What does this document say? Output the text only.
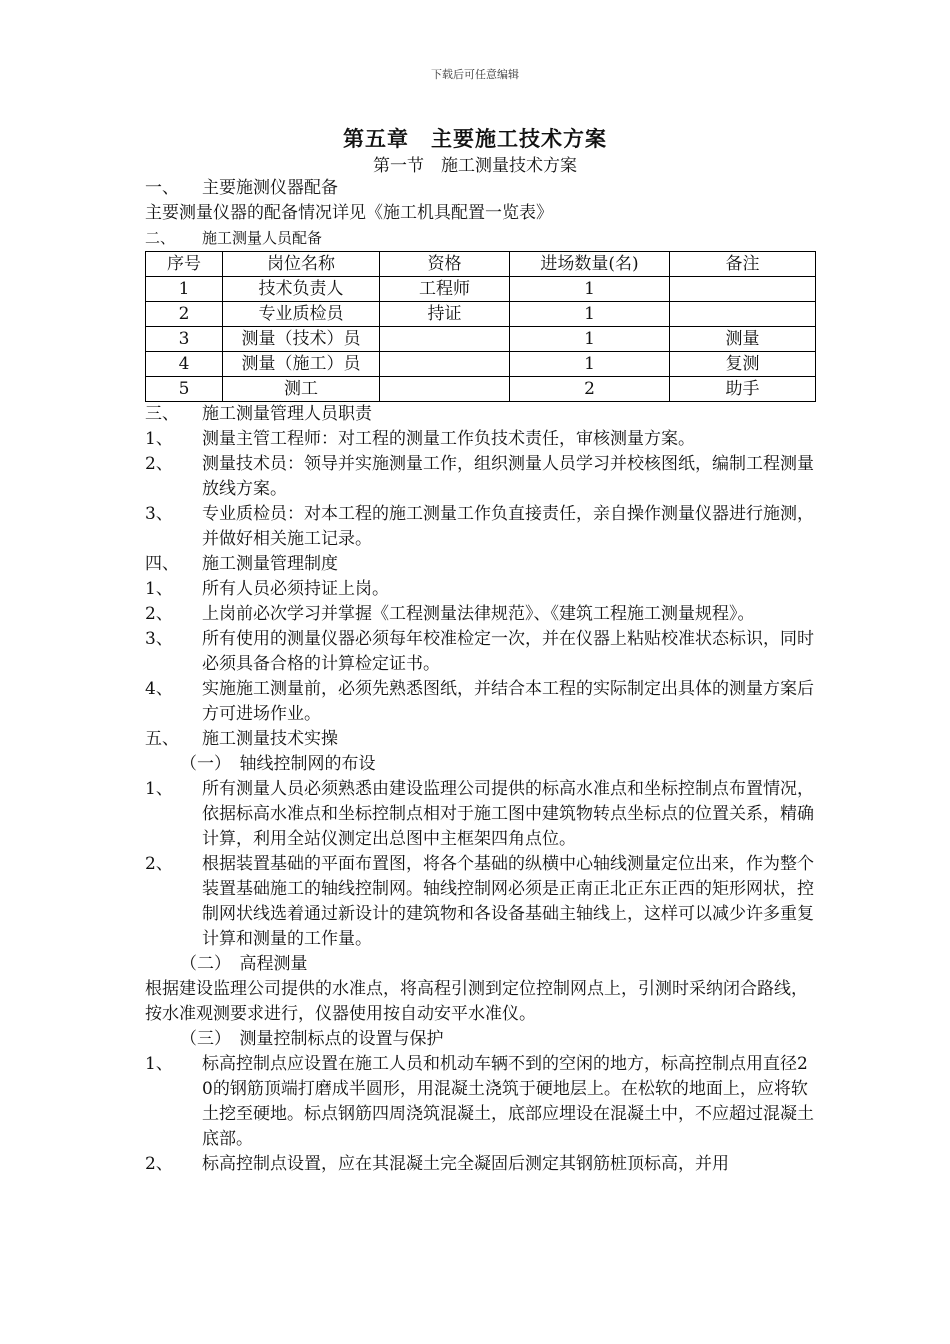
下载后可任意编辑
第五章　主要施工技术方案
第一节　施工测量技术方案
一、	主要施测仪器配备
主要测量仪器的配备情况详见《施工机具配置一览表》
二、	施工测量人员配备
序号	岗位名称	资格	进场数量(名)	备注
1	技术负责人	工程师	1	
2	专业质检员	持证	1	
3	测量（技术）员		1	测量
4	测量（施工）员		1	复测
5	测工		2	助手
三、	施工测量管理人员职责
1、	测量主管工程师：对工程的测量工作负技术责任，审核测量方案。
2、	测量技术员：领导并实施测量工作，组织测量人员学习并校核图纸，编制工程测量放线方案。
3、	专业质检员：对本工程的施工测量工作负直接责任，亲自操作测量仪器进行施测，并做好相关施工记录。
四、	施工测量管理制度
1、	所有人员必须持证上岗。
2、	上岗前必次学习并掌握《工程测量法律规范》、《建筑工程施工测量规程》。
3、	所有使用的测量仪器必须每年校准检定一次，并在仪器上粘贴校准状态标识，同时必须具备合格的计算检定证书。
4、	实施施工测量前，必须先熟悉图纸，并结合本工程的实际制定出具体的测量方案后方可进场作业。
五、	施工测量技术实操
（一）　轴线控制网的布设
1、	所有测量人员必须熟悉由建设监理公司提供的标高水准点和坐标控制点布置情况，依据标高水准点和坐标控制点相对于施工图中建筑物转点坐标点的位置关系，精确计算，利用全站仪测定出总图中主框架四角点位。
2、	根据装置基础的平面布置图，将各个基础的纵横中心轴线测量定位出来，作为整个装置基础施工的轴线控制网。轴线控制网必须是正南正北正东正西的矩形网状，控制网状线选着通过新设计的建筑物和各设备基础主轴线上，这样可以减少许多重复计算和测量的工作量。
（二）　高程测量
根据建设监理公司提供的水准点，将高程引测到定位控制网点上，引测时采纳闭合路线，按水准观测要求进行，仪器使用按自动安平水准仪。
（三）　测量控制标点的设置与保护
1、	标高控制点应设置在施工人员和机动车辆不到的空闲的地方，标高控制点用直径20的钢筋顶端打磨成半圆形，用混凝土浇筑于硬地层上。在松软的地面上，应将软土挖至硬地。标点钢筋四周浇筑混凝土，底部应埋设在混凝土中，不应超过混凝土底部。
2、	标高控制点设置，应在其混凝土完全凝固后测定其钢筋桩顶标高，并用
